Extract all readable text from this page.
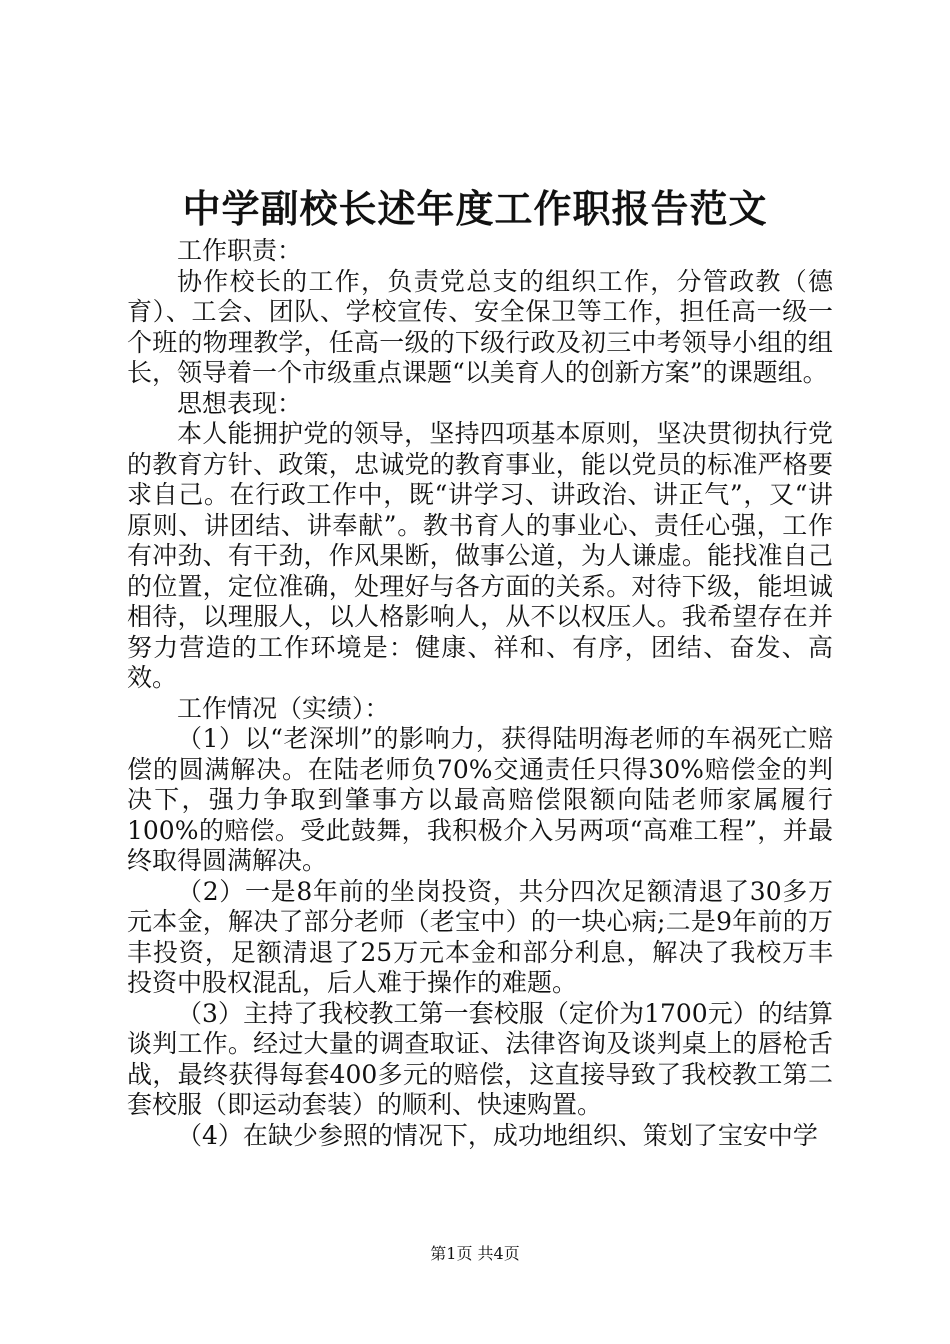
中学副校长述年度工作职报告范文

工作职责：

协作校长的工作，负责党总支的组织工作，分管政教（德育）、工会、团队、学校宣传、安全保卫等工作，担任高一级一个班的物理教学，任高一级的下级行政及初三中考领导小组的组长，领导着一个市级重点课题“以美育人的创新方案”的课题组。

思想表现：

本人能拥护党的领导，坚持四项基本原则，坚决贯彻执行党的教育方针、政策，忠诚党的教育事业，能以党员的标准严格要求自己。在行政工作中，既“讲学习、讲政治、讲正气”，又“讲原则、讲团结、讲奉献”。教书育人的事业心、责任心强，工作有冲劲、有干劲，作风果断，做事公道，为人谦虚。能找准自己的位置，定位准确，处理好与各方面的关系。对待下级，能坦诚相待，以理服人，以人格影响人，从不以权压人。我希望存在并努力营造的工作环境是：健康、祥和、有序，团结、奋发、高效。

工作情况（实绩）：

（1）以“老深圳”的影响力，获得陆明海老师的车祸死亡赔偿的圆满解决。在陆老师负70%交通责任只得30%赔偿金的判决下，强力争取到肇事方以最高赔偿限额向陆老师家属履行100%的赔偿。受此鼓舞，我积极介入另两项“高难工程”，并最终取得圆满解决。

（2）一是8年前的坐岗投资，共分四次足额清退了30多万元本金，解决了部分老师（老宝中）的一块心病;二是9年前的万丰投资，足额清退了25万元本金和部分利息，解决了我校万丰投资中股权混乱，后人难于操作的难题。

（3）主持了我校教工第一套校服（定价为1700元）的结算谈判工作。经过大量的调查取证、法律咨询及谈判桌上的唇枪舌战，最终获得每套400多元的赔偿，这直接导致了我校教工第二套校服（即运动套装）的顺利、快速购置。

（4）在缺少参照的情况下，成功地组织、策划了宝安中学

第1页 共4页
